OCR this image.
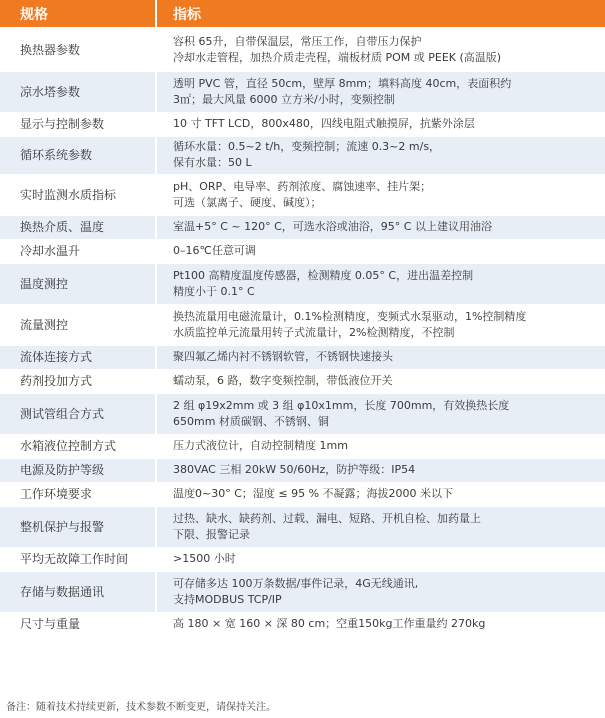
规格	指标
换热器参数	容积 65升，自带保温层，常压工作，自带压力保护
冷却水走管程，加热介质走壳程，端板材质 POM 或 PEEK (高温版)

凉水塔参数	透明 PVC 管，直径 50cm，壁厚 8mm；填料高度 40cm，表面积约
3㎡；最大风量 6000 立方米/小时，变频控制

显示与控制参数	10 寸 TFT LCD，800x480，四线电阻式触摸屏，抗紫外涂层

循环系统参数	循环水量：0.5~2 t/h，变频控制；流速 0.3~2 m/s，
保有水量：50 L

实时监测水质指标	pH、ORP、电导率、药剂浓度、腐蚀速率、挂片架；
可选（氯离子、硬度、碱度）；

换热介质、温度	室温+5° C ~ 120° C，可选水浴或油浴，95° C 以上建议用油浴

冷却水温升	0–16℃任意可调

温度测控	Pt100 高精度温度传感器，检测精度 0.05° C，进出温差控制
精度小于 0.1° C

流量测控	换热流量用电磁流量计，0.1%检测精度，变频式水泵驱动，1%控制精度
水质监控单元流量用转子式流量计，2%检测精度，不控制

流体连接方式	聚四氟乙烯内衬不锈钢软管，不锈钢快速接头

药剂投加方式	蠕动泵，6 路，数字变频控制，带低液位开关

测试管组合方式	2 组 φ19x2mm 或 3 组 φ10x1mm，长度 700mm，有效换热长度
650mm 材质碳钢、不锈钢、铜

水箱液位控制方式	压力式液位计，自动控制精度 1mm

电源及防护等级	380VAC 三相 20kW 50/60Hz，防护等级：IP54

工作环境要求	温度0~30° C；湿度 ≤ 95 % 不凝露；海拔2000 米以下

整机保护与报警	过热、缺水、缺药剂、过载、漏电、短路、开机自检、加药量上
下限、报警记录

平均无故障工作时间	>1500 小时

存储与数据通讯	可存储多达 100万条数据/事件记录，4G无线通讯,
支持MODBUS TCP/IP

尺寸与重量	高 180 × 宽 160 × 深 80 cm；空重150kg工作重量约 270kg
备注：随着技术持续更新，技术参数不断变更，请保持关注。
